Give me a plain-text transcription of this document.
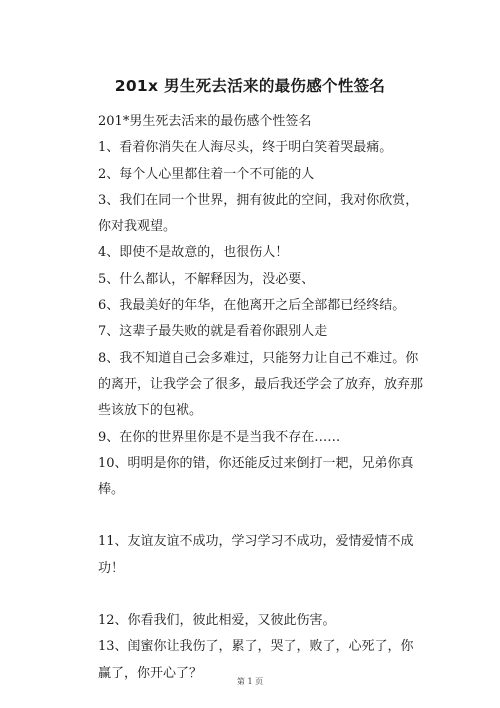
201x 男生死去活来的最伤感个性签名

201*男生死去活来的最伤感个性签名

1、看着你消失在人海尽头，终于明白笑着哭最痛。

2、每个人心里都住着一个不可能的人

3、我们在同一个世界，拥有彼此的空间，我对你欣赏，你对我观望。

4、即使不是故意的，也很伤人！

5、什么都认，不解释因为，没必要、

6、我最美好的年华，在他离开之后全部都已经终结。

7、这辈子最失败的就是看着你跟别人走

8、我不知道自己会多难过，只能努力让自己不难过。你的离开，让我学会了很多，最后我还学会了放弃，放弃那些该放下的包袱。

9、在你的世界里你是不是当我不存在……

10、明明是你的错，你还能反过来倒打一耙，兄弟你真棒。

11、友谊友谊不成功，学习学习不成功，爱情爱情不成功！

12、你看我们，彼此相爱，又彼此伤害。

13、闺蜜你让我伤了，累了，哭了，败了，心死了，你赢了，你开心了？

第 1 页
